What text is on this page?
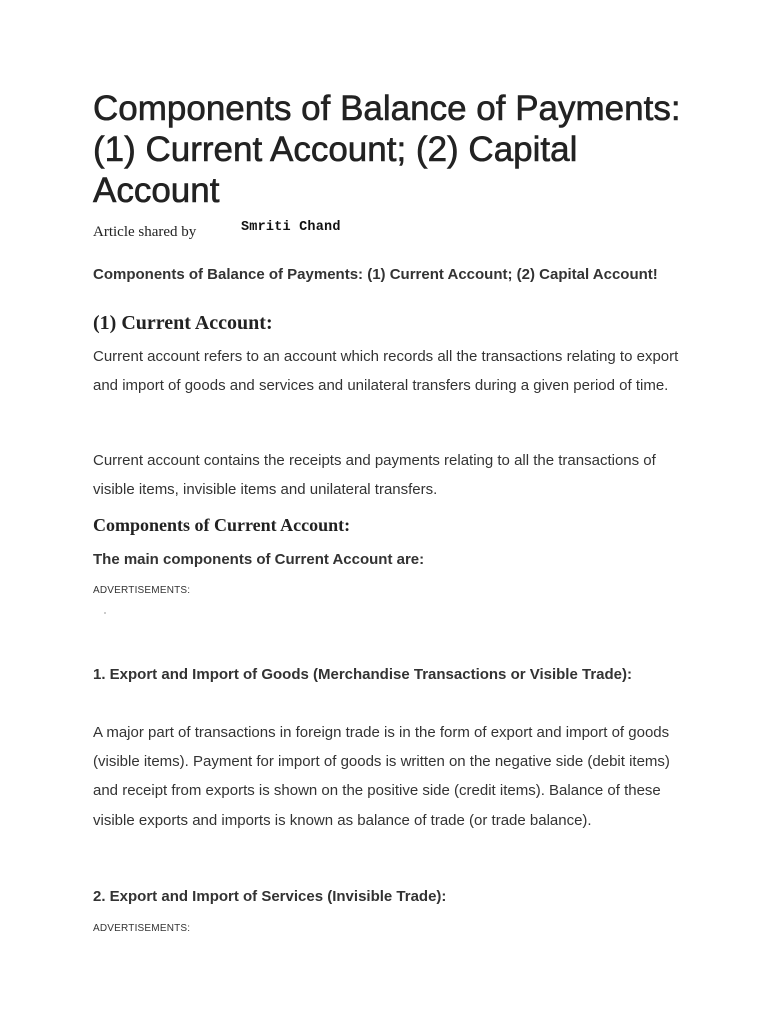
Components of Balance of Payments: (1) Current Account; (2) Capital Account
Article shared by	Smriti Chand
Components of Balance of Payments: (1) Current Account; (2) Capital Account!
(1) Current Account:

Current account refers to an account which records all the transactions relating to export and import of goods and services and unilateral transfers during a given period of time.

Current account contains the receipts and payments relating to all the transactions of visible items, invisible items and unilateral transfers.

Components of Current Account:

The main components of Current Account are:

ADVERTISEMENTS:

1. Export and Import of Goods (Merchandise Transactions or Visible Trade):

A major part of transactions in foreign trade is in the form of export and import of goods (visible items). Payment for import of goods is written on the negative side (debit items) and receipt from exports is shown on the positive side (credit items). Balance of these visible exports and imports is known as balance of trade (or trade balance).

2. Export and Import of Services (Invisible Trade):

ADVERTISEMENTS:
